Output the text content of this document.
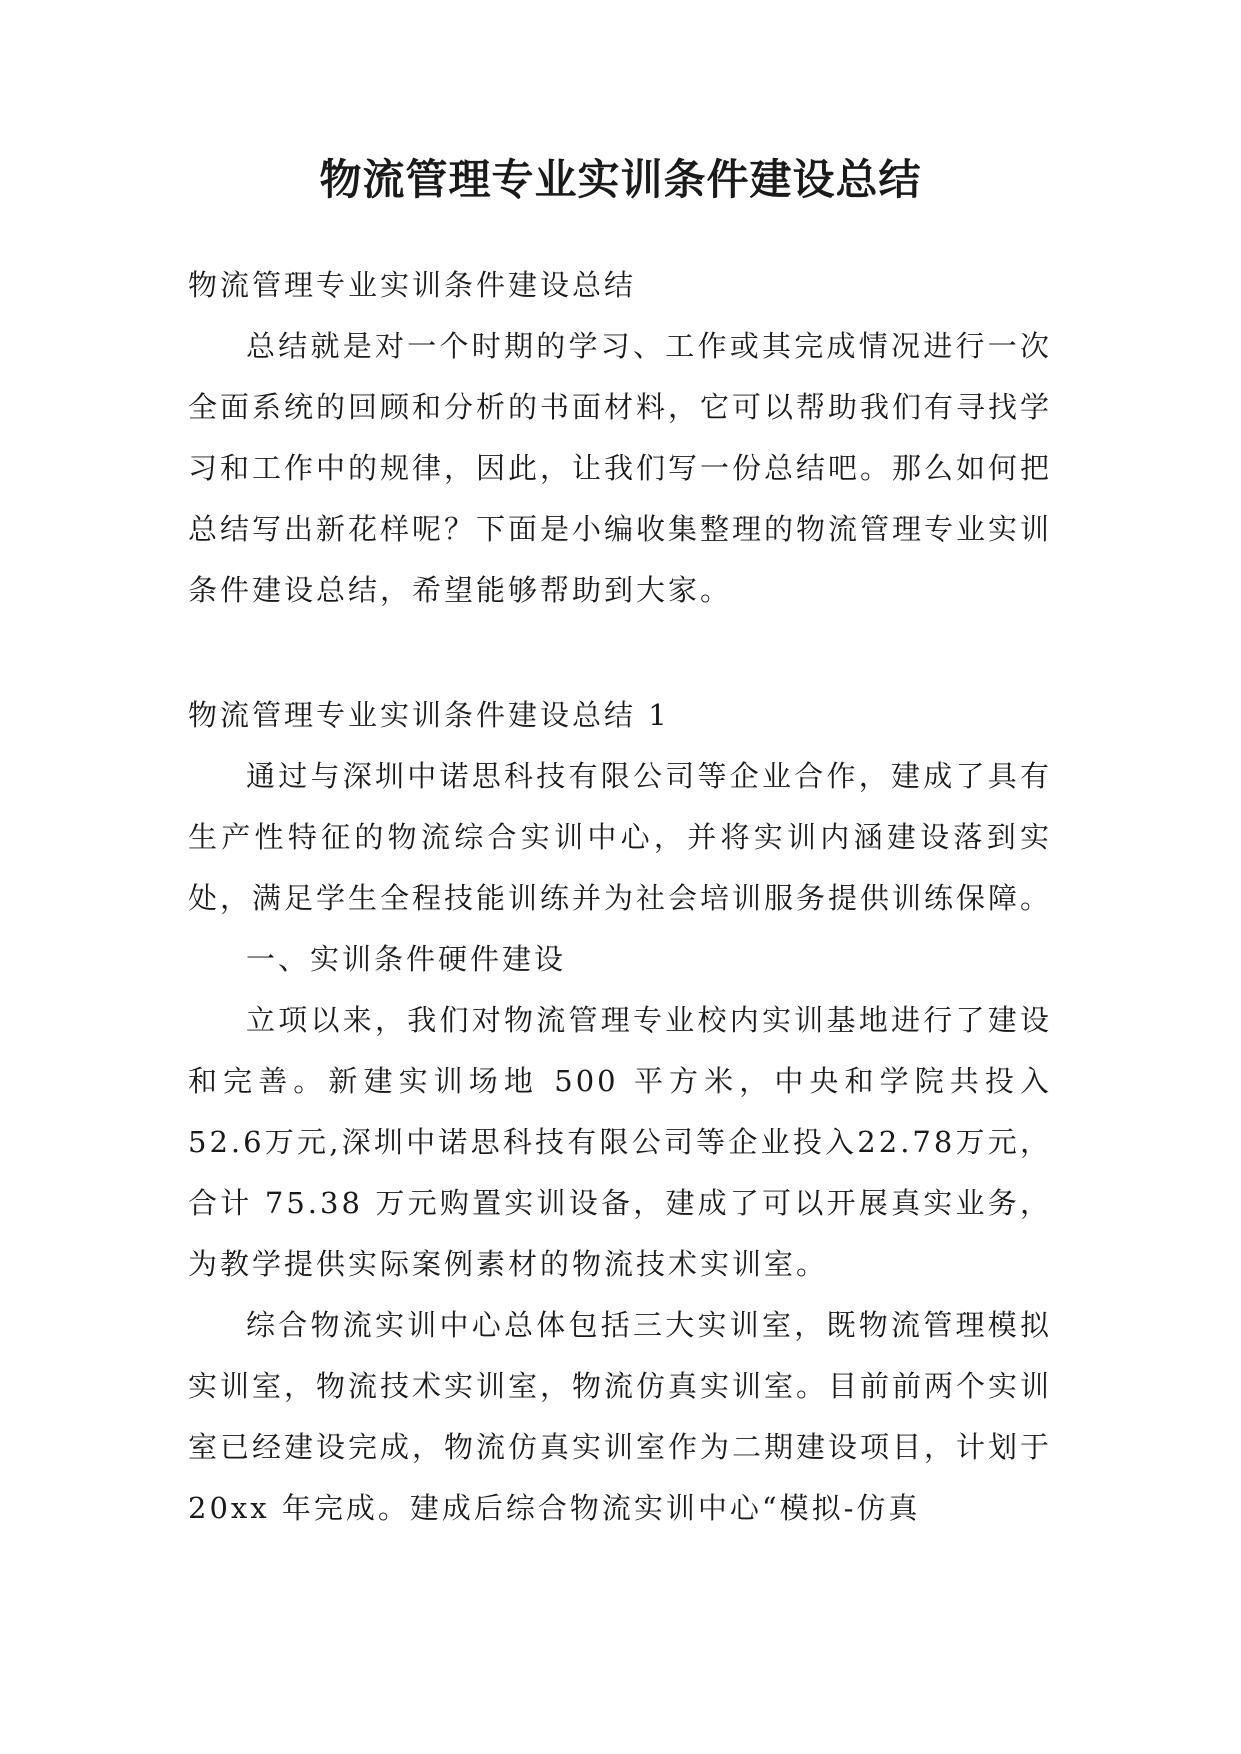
物流管理专业实训条件建设总结

物流管理专业实训条件建设总结

总结就是对一个时期的学习、工作或其完成情况进行一次全面系统的回顾和分析的书面材料，它可以帮助我们有寻找学习和工作中的规律，因此，让我们写一份总结吧。那么如何把总结写出新花样呢？下面是小编收集整理的物流管理专业实训条件建设总结，希望能够帮助到大家。

物流管理专业实训条件建设总结 1

通过与深圳中诺思科技有限公司等企业合作，建成了具有生产性特征的物流综合实训中心，并将实训内涵建设落到实处，满足学生全程技能训练并为社会培训服务提供训练保障。

一、实训条件硬件建设

立项以来，我们对物流管理专业校内实训基地进行了建设和完善。新建实训场地 500 平方米，中央和学院共投入 52.6万元,深圳中诺思科技有限公司等企业投入22.78万元，合计 75.38 万元购置实训设备，建成了可以开展真实业务，为教学提供实际案例素材的物流技术实训室。

综合物流实训中心总体包括三大实训室，既物流管理模拟实训室，物流技术实训室，物流仿真实训室。目前前两个实训室已经建设完成，物流仿真实训室作为二期建设项目，计划于 20xx 年完成。建成后综合物流实训中心“模拟-仿真
